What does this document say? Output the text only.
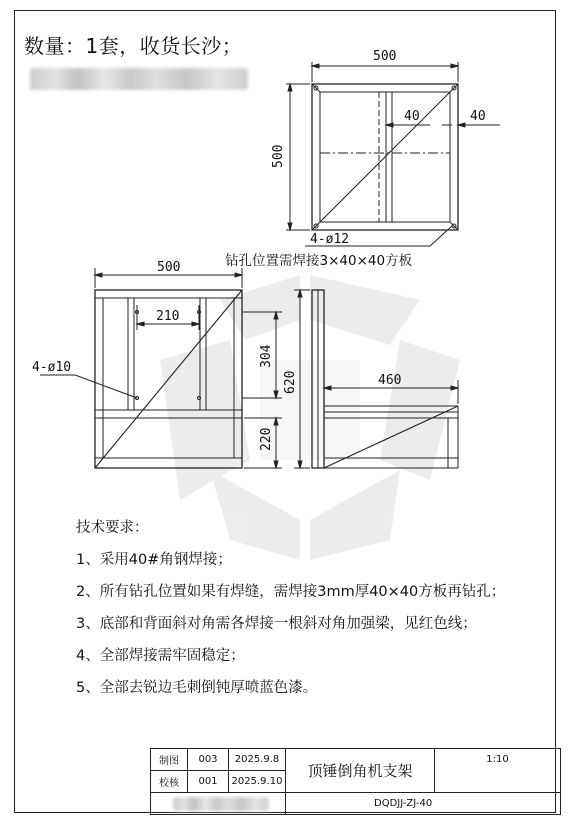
数量：1套，收货长沙；	500
500
40	40
4-ø12
500
210
4-ø10	304
620
220
460
钻孔位置需焊接3×40×40方板
技术要求：
1、采用40#角钢焊接；
2、所有钻孔位置如果有焊缝，需焊接3mm厚40×40方板再钻孔；
3、底部和背面斜对角需各焊接一根斜对角加强梁，见红色线；
4、全部焊接需牢固稳定；
5、全部去锐边毛刺倒钝厚喷蓝色漆。
制图	003	2025.9.8	顶锤倒角机支架	1:10
校核	001	2025.9.10		

			DQDJJ-ZJ-40	
